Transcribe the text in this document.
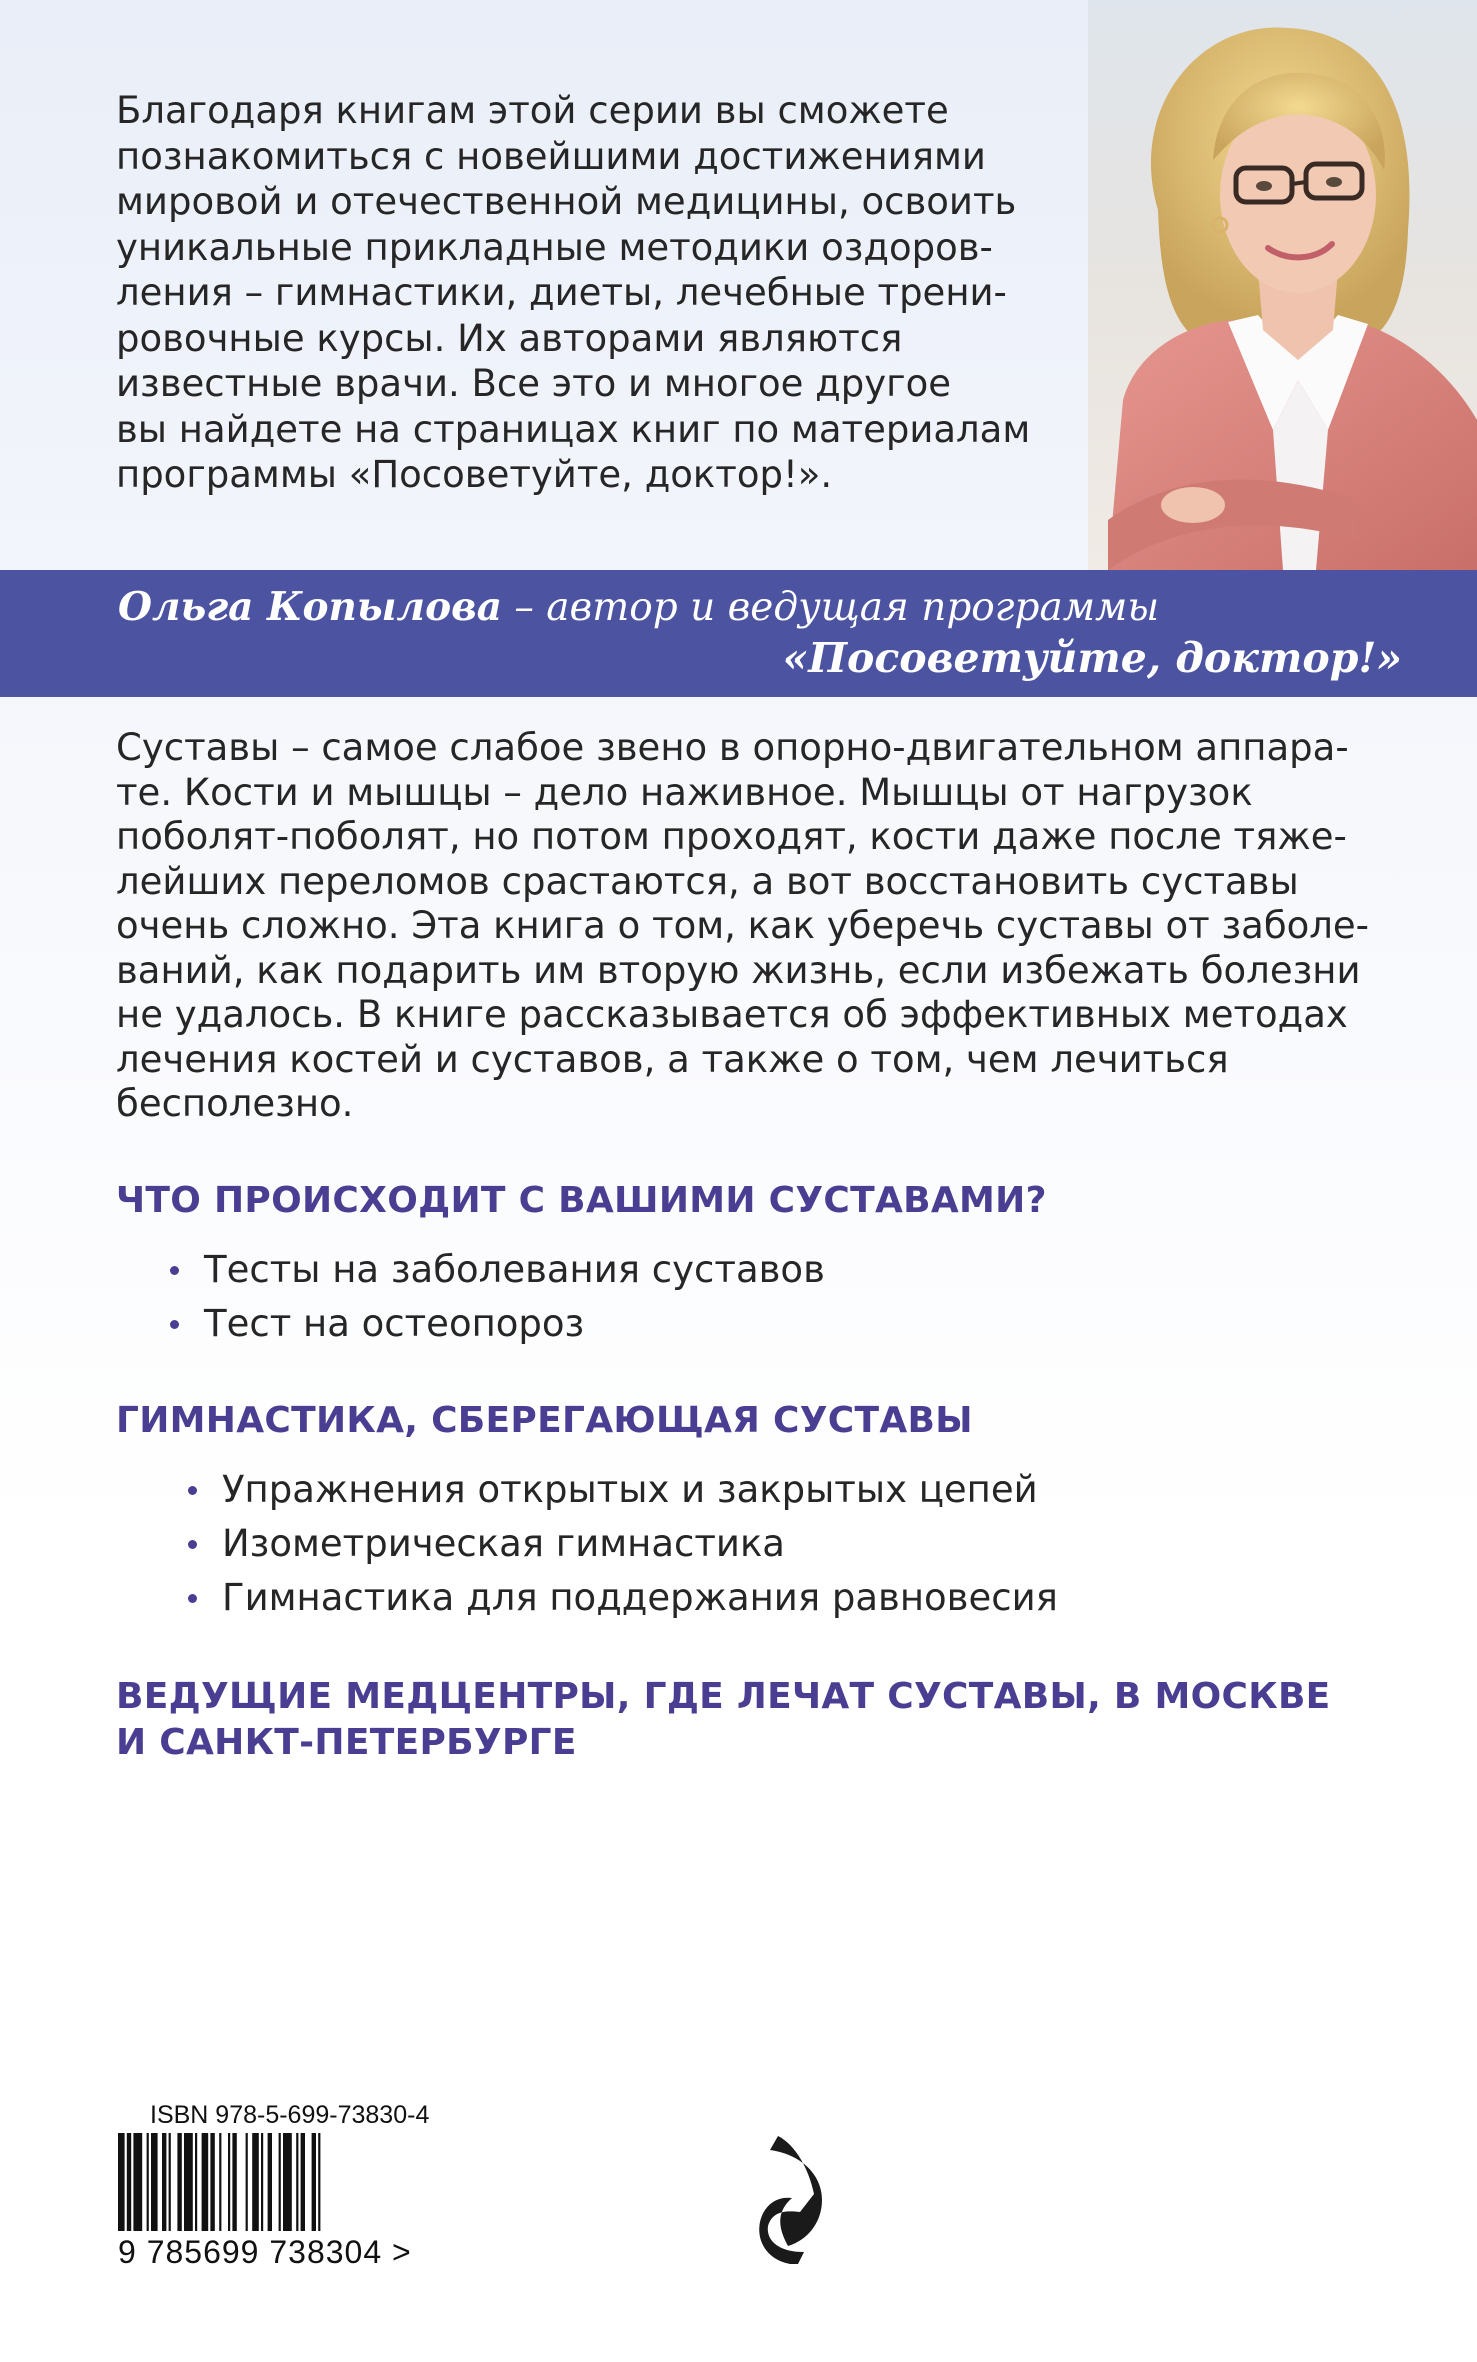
Благодаря книгам этой серии вы сможете
познакомиться с новейшими достижениями
мировой и отечественной медицины, освоить
уникальные прикладные методики оздоров-
ления – гимнастики, диеты, лечебные трени-
ровочные курсы. Их авторами являются
известные врачи. Все это и многое другое
вы найдете на страницах книг по материалам
программы «Посоветуйте, доктор!».
Ольга Копылова – автор и ведущая программы
«Посоветуйте, доктор!»
Суставы – самое слабое звено в опорно-двигательном аппара-
те. Кости и мышцы – дело наживное. Мышцы от нагрузок
поболят-поболят, но потом проходят, кости даже после тяже-
лейших переломов срастаются, а вот восстановить суставы
очень сложно. Эта книга о том, как уберечь суставы от заболе-
ваний, как подарить им вторую жизнь, если избежать болезни
не удалось. В книге рассказывается об эффективных методах
лечения костей и суставов, а также о том, чем лечиться
бесполезно.
ЧТО ПРОИСХОДИТ С ВАШИМИ СУСТАВАМИ?
Тесты на заболевания суставов
Тест на остеопороз
ГИМНАСТИКА, СБЕРЕГАЮЩАЯ СУСТАВЫ
Упражнения открытых и закрытых цепей
Изометрическая гимнастика
Гимнастика для поддержания равновесия
ВЕДУЩИЕ МЕДЦЕНТРЫ, ГДЕ ЛЕЧАТ СУСТАВЫ, В МОСКВЕ
И САНКТ-ПЕТЕРБУРГЕ
ISBN 978-5-699-73830-4
9 785699 738304 >
